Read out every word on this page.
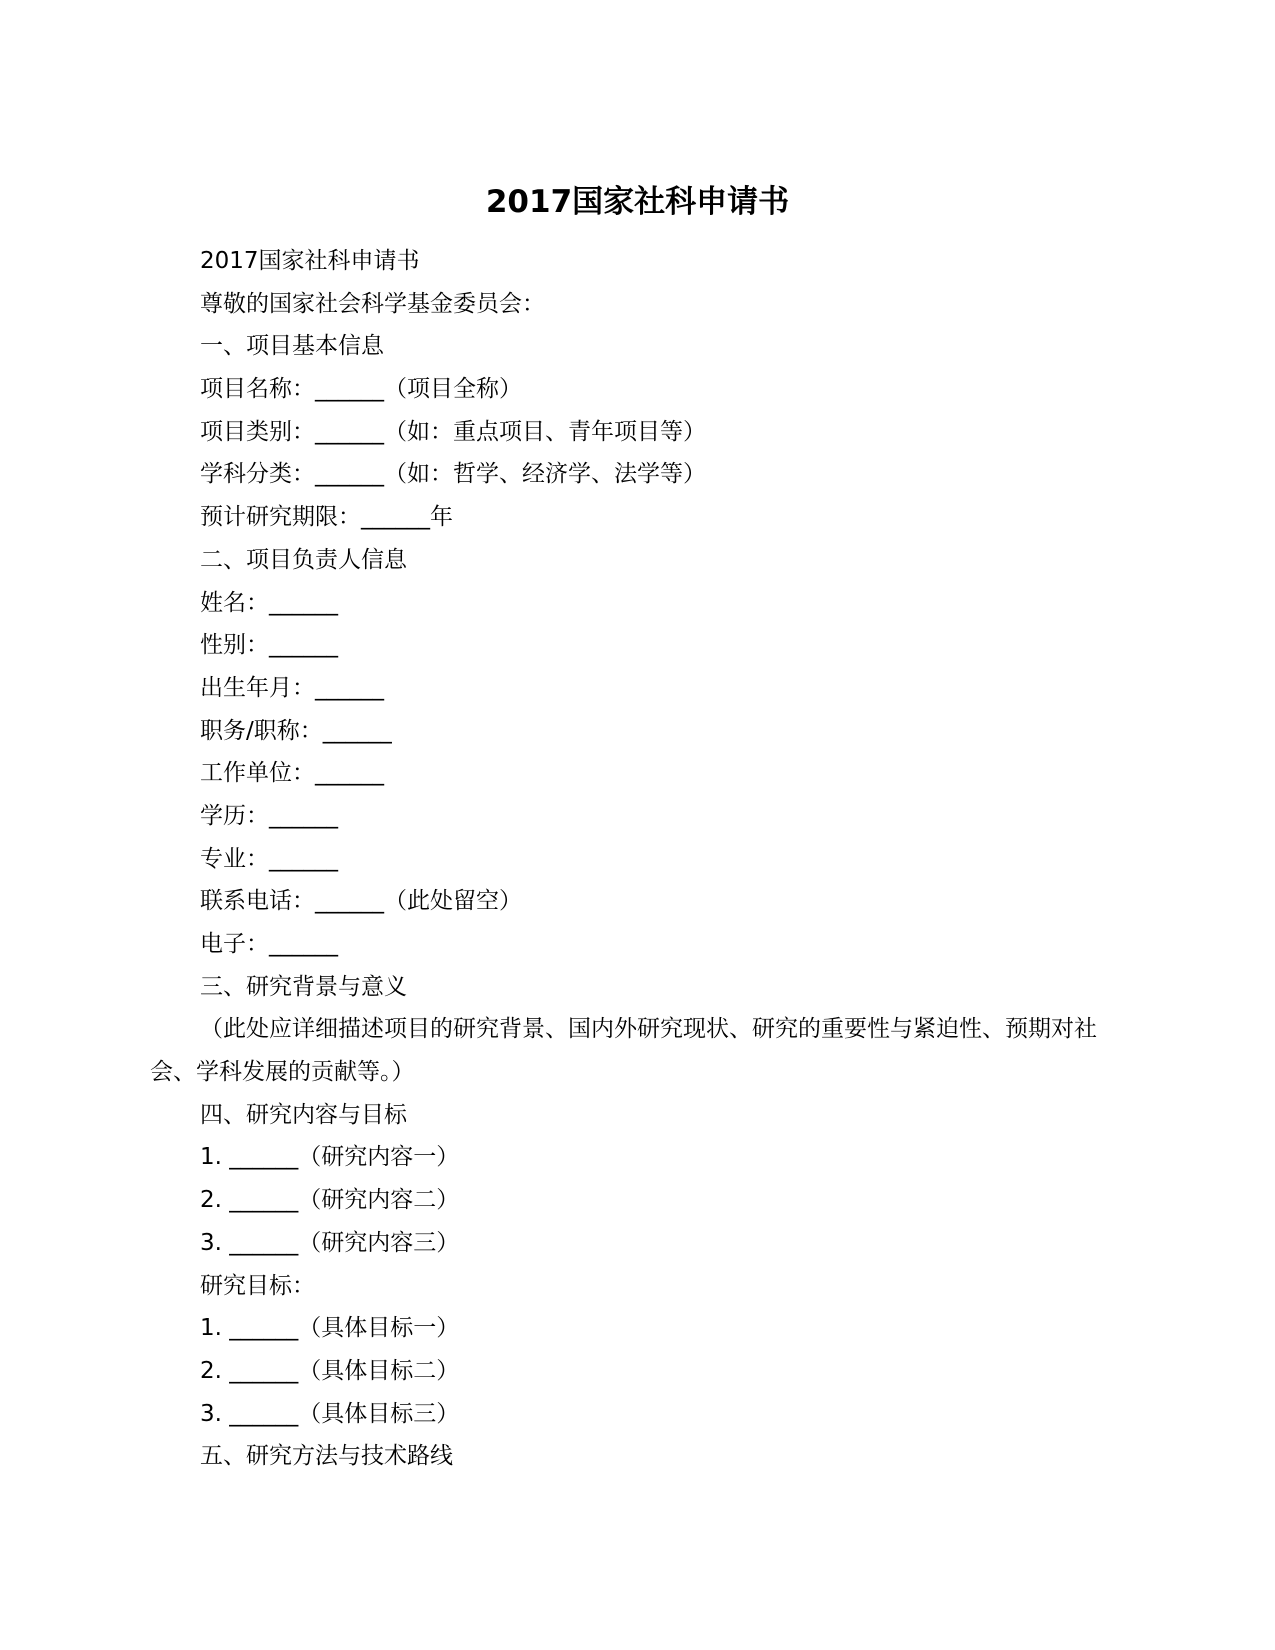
2017国家社科申请书
2017国家社科申请书
尊敬的国家社会科学基金委员会：
一、项目基本信息
项目名称：______（项目全称）
项目类别：______（如：重点项目、青年项目等）
学科分类：______（如：哲学、经济学、法学等）
预计研究期限：______年
二、项目负责人信息
姓名：______
性别：______
出生年月：______
职务/职称：______
工作单位：______
学历：______
专业：______
联系电话：______（此处留空）
电子：______
三、研究背景与意义
（此处应详细描述项目的研究背景、国内外研究现状、研究的重要性与紧迫性、预期对社会、学科发展的贡献等。）
四、研究内容与目标
1. ______（研究内容一）
2. ______（研究内容二）
3. ______（研究内容三）
研究目标：
1. ______（具体目标一）
2. ______（具体目标二）
3. ______（具体目标三）
五、研究方法与技术路线
